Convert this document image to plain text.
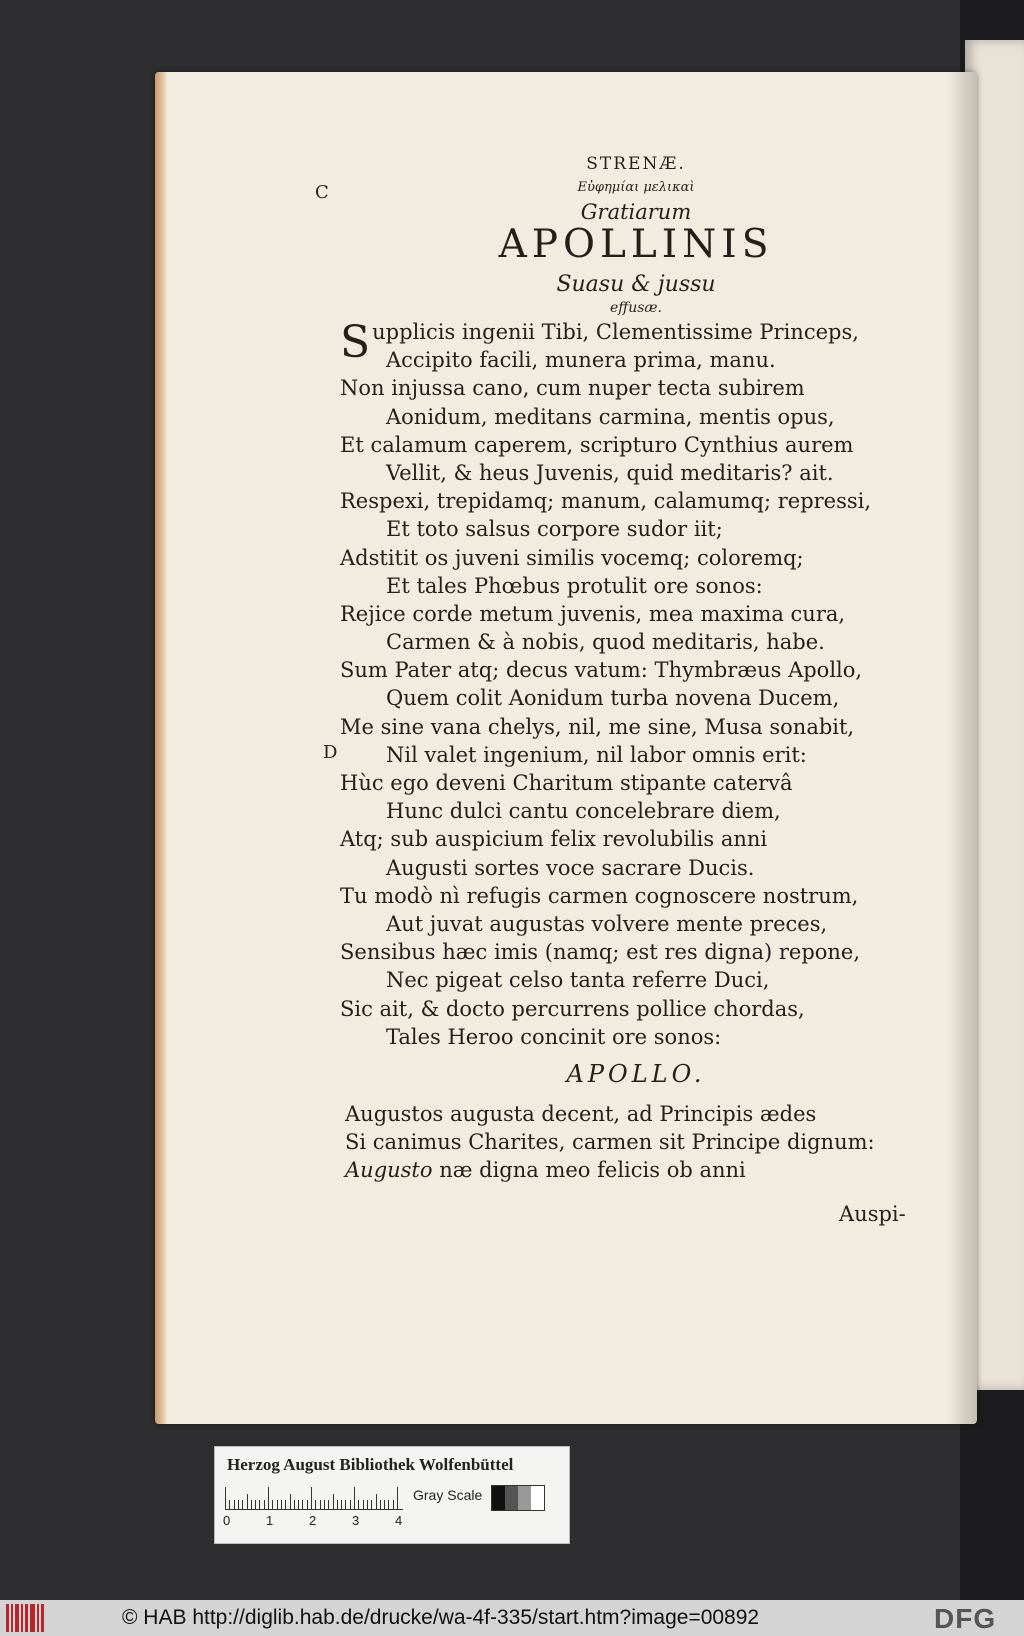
STRENÆ.
Εὐφημίαι μελικαὶ
Gratiarum
APOLLINIS
Suasu & jussu
effusæ.
C
D
Supplicis ingenii Tibi, Clementissime Princeps,
Accipito facili, munera prima, manu.
Non injussa cano, cum nuper tecta subirem
Aonidum, meditans carmina, mentis opus,
Et calamum caperem, scripturo Cynthius aurem
Vellit, & heus Juvenis, quid meditaris? ait.
Respexi, trepidamq; manum, calamumq; repressi,
Et toto salsus corpore sudor iit;
Adstitit os juveni similis vocemq; coloremq;
Et tales Phœbus protulit ore sonos:
Rejice corde metum juvenis, mea maxima cura,
Carmen & à nobis, quod meditaris, habe.
Sum Pater atq; decus vatum: Thymbræus Apollo,
Quem colit Aonidum turba novena Ducem,
Me sine vana chelys, nil, me sine, Musa sonabit,
Nil valet ingenium, nil labor omnis erit:
Hùc ego deveni Charitum stipante catervâ
Hunc dulci cantu concelebrare diem,
Atq; sub auspicium felix revolubilis anni
Augusti sortes voce sacrare Ducis.
Tu modò nì refugis carmen cognoscere nostrum,
Aut juvat augustas volvere mente preces,
Sensibus hæc imis (namq; est res digna) repone,
Nec pigeat celso tanta referre Duci,
Sic ait, & docto percurrens pollice chordas,
Tales Heroo concinit ore sonos:
APOLLO.
Augustos augusta decent, ad Principis ædes
Si canimus Charites, carmen sit Principe dignum:
Augusto næ digna meo felicis ob anni
Auspi-
Herzog August Bibliothek Wolfenbüttel
0	1	2	3	4
Gray Scale
© HAB http://diglib.hab.de/drucke/wa-4f-335/start.htm?image=00892	DFG
